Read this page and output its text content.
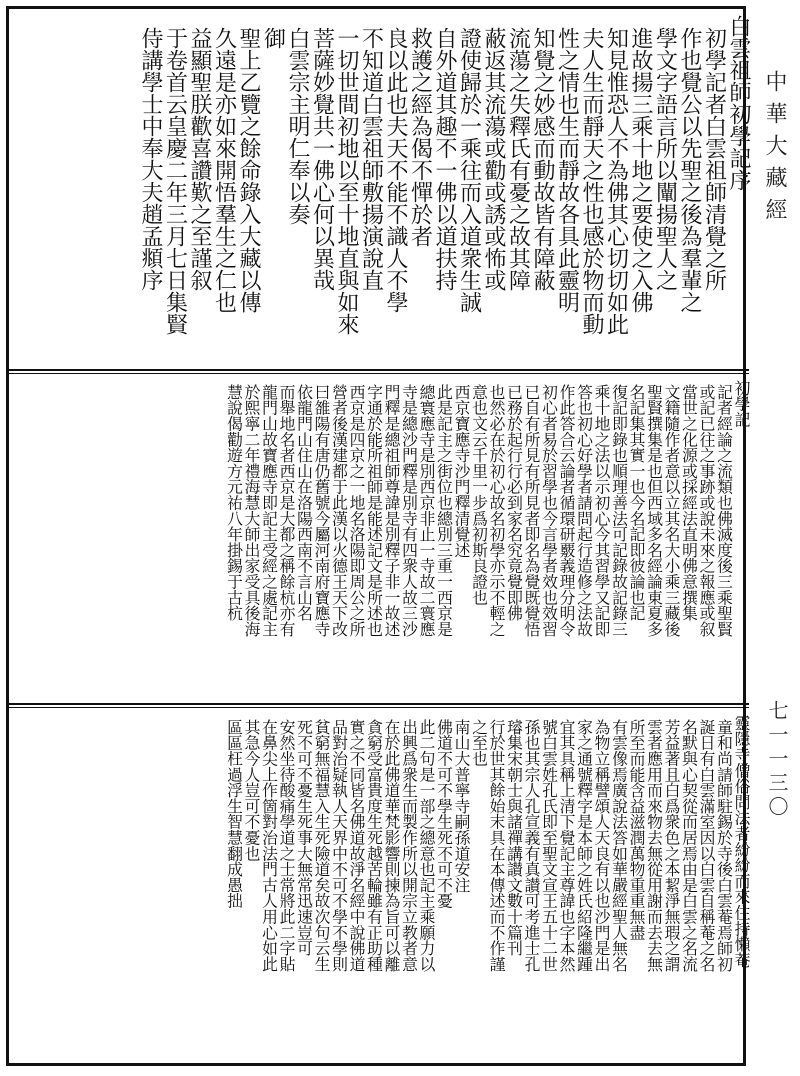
白雲祖師初學記序
初學記者白雲祖師清覺之所
作也覺公以先聖之後為羣輩之
學文字語言所以闡揚聖人之
進故揚三乘十地之要使之入佛
知見惟恐人不為佛其心切切如此
夫人生而靜天之性也感於物而動
性之情也生而靜故各具此靈明
知覺之妙感而動故皆有障蔽
流蕩之失釋氏有憂之故其障
蔽返其流蕩或勸或誘或怖或
證使歸於一乘往而入道衆生誠
自外道其趣不一佛以道扶持
救護之經為偈不憚於者
良以此也夫天不能不識人不學
不知道白雲祖師敷揚演說直
一切世間初地以至十地直與如來
菩薩妙覺共一佛心何以異哉
白雲宗主明仁奉以奏
御
聖上乙覽之餘命錄入大藏以傳
久遠是亦如來開悟羣生之仁也
益顯聖朕歡喜讚歎之至謹叙
于卷首云皇慶二年三月七日集賢
侍講學士中奉大夫趙孟頫序
初學記
記者經論之流類也佛滅度後三乘聖賢
或記已往之事跡或說未來之報應或叙
當世之化源或採經法直明佛意撰集
文籍隨作者意以立其名大小乘三藏後
聖賢撰集是也但西域多名經論東夏多
名記集其實一也今名記即彼論也記
復記即錄也順理善法可記錄故記錄三
乘十地之法以示初心今其習學又記即
答也初心好學者請問起行造修之法故
作此答合云論者循環研覈義理分明令
初心者易於習學也今言學者效也效習
已自有所見有所見者即名為覺既覺悟
已務於起行行必到家名究竟覺即佛
也然必在於初心故名初學亦示不輕之
意也文云千里一步爲初斯良證也
西京寶應寺沙門釋清覺述
此是記主之街位也總別三重一西京是
總寰應寺是別西京非止一寺故二寰應
寺是總沙門釋是別寺有四衆人故三沙
門釋是總祖師尊諱是別釋子非一故述
字通於能所祖師是能述記文是所述也
西京是四京之一地名洛陽即周公之所
營者後漢建都于此漢以火德王天下改
曰雒陽有唐仍舊號今屬河南府寶應寺
依龍門山住山在洛陽西南不言山名
而舉地名者西京是大都之稱餘杭亦有
龍門山故寶應寺即記主受經之處記主
於熙寧二年禮海慧大師出家受具後海
慧說偈勸遊方元祐八年掛錫于古杭
靈隱寺僧俗問法者紛紛而來住持懶菴
童和尚請師駐錫於寺後白雲菴焉師初
誕日有白雲滿室因以白雲自稱菴之名
名默與心契從而居焉由是白雲之名流
芳益著且白爲衆色之本絜淨無瑕之謂
雲者應用而來物去無從用謝而去去無
所至而能含益滋潤萬物重重無盡
有雲像焉廣說法答如華嚴經聖人無名
為物立稱譬頌人天良有以也沙門是出
家之通號釋字是本師之姓氏紹隆繼踵
宜其具稱上清下覺記主尊諱也字本然
號白雲姓孔氏即至聖文宣王五十二世
孫也其宗人孔宣義有真讃可考進士孔
璿集宋朝士與諸禪講讃文數十篇刊
行於世其餘始末具在本傳述而不作謹
之至也
南山大普寧寺嗣孫道安注
佛道不可不學生死不可不憂
此二句是一部之總意也記主乘願力以
出興爲衆生而製作所以開宗立教者意
在於此佛道華梵影響則揀為旨可以離
貪窮受富貴度生死越苦輪雖有正助種
實之不同皆名佛道故淨名經中說佛道
品對治疑執人天界中不可不學不學則
貧窮無福慧入生死險道矣故次句云生
死不可不憂生死事大無常迅速豈可
安然坐待酸痛學道之士常將此二字貼
在鼻尖上作箇對治法門古人用心如此
其急今人豈可不憂也
區區枉過浮生智慧翻成愚拙
中華大藏經
七一一三〇
